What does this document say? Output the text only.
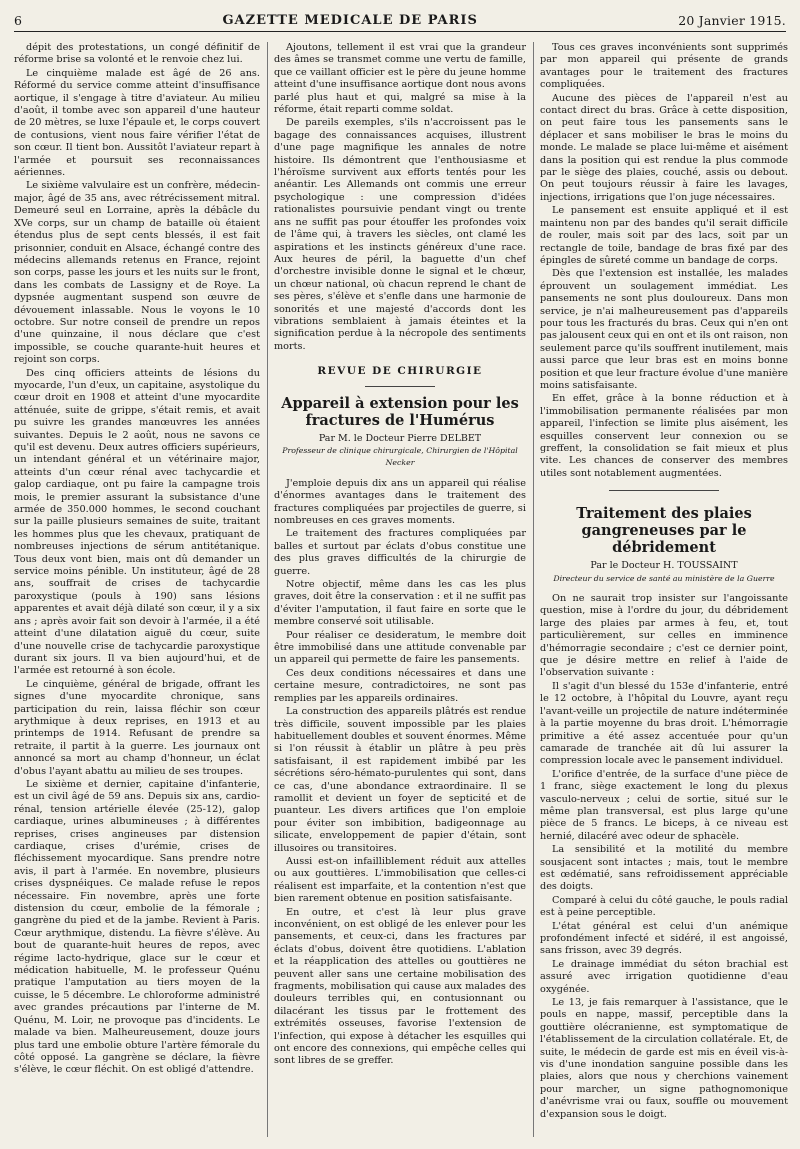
6	GAZETTE MEDICALE DE PARIS	20 Janvier 1915.

dépit des protestations, un congé définitif de réforme brise sa volonté et le renvoie chez lui.

Le cinquième malade est âgé de 26 ans. Réformé du service comme atteint d'insuffisance aortique, il s'engage à titre d'aviateur. Au milieu d'août, il tombe avec son appareil d'une hauteur de 20 mètres, se luxe l'épaule et, le corps couvert de contusions, vient nous faire vérifier l'état de son cœur. Il tient bon. Aussitôt l'aviateur repart à l'armée et poursuit ses reconnaissances aériennes.

Le sixième valvulaire est un confrère, médecin-major, âgé de 35 ans, avec rétrécissement mitral. Demeuré seul en Lorraine, après la débâcle du XVe corps, sur un champ de bataille où étaient étendus plus de sept cents blessés, il est fait prisonnier, conduit en Alsace, échangé contre des médecins allemands retenus en France, rejoint son corps, passe les jours et les nuits sur le front, dans les combats de Lassigny et de Roye. La dypsnée augmentant suspend son œuvre de dévouement inlassable. Nous le voyons le 10 octobre. Sur notre conseil de prendre un repos d'une quinzaine, il nous déclare que c'est impossible, se couche quarante-huit heures et rejoint son corps.

Des cinq officiers atteints de lésions du myocarde, l'un d'eux, un capitaine, asystolique du cœur droit en 1908 et atteint d'une myocardite atténuée, suite de grippe, s'était remis, et avait pu suivre les grandes manœuvres les années suivantes. Depuis le 2 août, nous ne savons ce qu'il est devenu. Deux autres officiers supérieurs, un intendant général et un vétérinaire major, atteints d'un cœur rénal avec tachycardie et galop cardiaque, ont pu faire la campagne trois mois, le premier assurant la subsistance d'une armée de 350.000 hommes, le second couchant sur la paille plusieurs semaines de suite, traitant les hommes plus que les chevaux, pratiquant de nombreuses injections de sérum antitétanique. Tous deux vont bien, mais ont dû demander un service moins pénible. Un instituteur, âgé de 28 ans, souffrait de crises de tachycardie paroxystique (pouls à 190) sans lésions apparentes et avait déjà dilaté son cœur, il y a six ans ; après avoir fait son devoir à l'armée, il a été atteint d'une dilatation aiguë du cœur, suite d'une nouvelle crise de tachycardie paroxystique durant six jours. Il va bien aujourd'hui, et de l'armée est retourné à son école.

Le cinquième, général de brigade, offrant les signes d'une myocardite chronique, sans participation du rein, laissa fléchir son cœur arythmique à deux reprises, en 1913 et au printemps de 1914. Refusant de prendre sa retraite, il partit à la guerre. Les journaux ont annoncé sa mort au champ d'honneur, un éclat d'obus l'ayant abattu au milieu de ses troupes.

Le sixième et dernier, capitaine d'infanterie, est un civil âgé de 59 ans. Depuis six ans, cardio-rénal, tension artérielle élevée (25-12), galop cardiaque, urines albumineuses ; à différentes reprises, crises angineuses par distension cardiaque, crises d'urémie, crises de fléchissement myocardique. Sans prendre notre avis, il part à l'armée. En novembre, plusieurs crises dyspnéiques. Ce malade refuse le repos nécessaire. Fin novembre, après une forte distension du cœur, embolie de la fémorale ; gangrène du pied et de la jambe. Revient à Paris. Cœur arythmique, distendu. La fièvre s'élève. Au bout de quarante-huit heures de repos, avec régime lacto-hydrique, glace sur le cœur et médication habituelle, M. le professeur Quénu pratique l'amputation au tiers moyen de la cuisse, le 5 décembre. Le chloroforme administré avec grandes précautions par l'interne de M. Quénu, M. Loir, ne provoque pas d'incidents. Le malade va bien. Malheureusement, douze jours plus tard une embolie obture l'artère fémorale du côté opposé. La gangrène se déclare, la fièvre s'élève, le cœur fléchit. On est obligé d'attendre.

Ajoutons, tellement il est vrai que la grandeur des âmes se transmet comme une vertu de famille, que ce vaillant officier est le père du jeune homme atteint d'une insuffisance aortique dont nous avons parlé plus haut et qui, malgré sa mise à la réforme, était reparti comme soldat.

De pareils exemples, s'ils n'accroissent pas le bagage des connaissances acquises, illustrent d'une page magnifique les annales de notre histoire. Ils démontrent que l'enthousiasme et l'héroïsme survivent aux efforts tentés pour les anéantir. Les Allemands ont commis une erreur psychologique : une compression d'idées rationalistes poursuivie pendant vingt ou trente ans ne suffit pas pour étouffer les profondes voix de l'âme qui, à travers les siècles, ont clamé les aspirations et les instincts généreux d'une race. Aux heures de péril, la baguette d'un chef d'orchestre invisible donne le signal et le chœur, un chœur national, où chacun reprend le chant de ses pères, s'élève et s'enfle dans une harmonie de sonorités et une majesté d'accords dont les vibrations semblaient à jamais éteintes et la signification perdue à la nécropole des sentiments morts.

REVUE DE CHIRURGIE
Appareil à extension pour les fractures de l'Humérus
Par M. le Docteur Pierre DELBET
Professeur de clinique chirurgicale, Chirurgien de l'Hôpital Necker

J'emploie depuis dix ans un appareil qui réalise d'énormes avantages dans le traitement des fractures compliquées par projectiles de guerre, si nombreuses en ces graves moments.

Le traitement des fractures compliquées par balles et surtout par éclats d'obus constitue une des plus graves difficultés de la chirurgie de guerre.

Notre objectif, même dans les cas les plus graves, doit être la conservation : et il ne suffit pas d'éviter l'amputation, il faut faire en sorte que le membre conservé soit utilisable.

Pour réaliser ce desideratum, le membre doit être immobilisé dans une attitude convenable par un appareil qui permette de faire les pansements.

Ces deux conditions nécessaires et dans une certaine mesure, contradictoires, ne sont pas remplies par les appareils ordinaires.

La construction des appareils plâtrés est rendue très difficile, souvent impossible par les plaies habituellement doubles et souvent énormes. Même si l'on réussit à établir un plâtre à peu près satisfaisant, il est rapidement imbibé par les sécrétions séro-hémato-purulentes qui sont, dans ce cas, d'une abondance extraordinaire. Il se ramollit et devient un foyer de septicité et de puanteur. Les divers artifices que l'on emploie pour éviter son imbibition, badigeonnage au silicate, enveloppement de papier d'étain, sont illusoires ou transitoires.

Aussi est-on infailliblement réduit aux attelles ou aux gouttières. L'immobilisation que celles-ci réalisent est imparfaite, et la contention n'est que bien rarement obtenue en position satisfaisante.

En outre, et c'est là leur plus grave inconvénient, on est obligé de les enlever pour les pansements, et ceux-ci, dans les fractures par éclats d'obus, doivent être quotidiens. L'ablation et la réapplication des attelles ou gouttières ne peuvent aller sans une certaine mobilisation des fragments, mobilisation qui cause aux malades des douleurs terribles qui, en contusionnant ou dilacérant les tissus par le frottement des extrémités osseuses, favorise l'extension de l'infection, qui expose à détacher les esquilles qui ont encore des connexions, qui empêche celles qui sont libres de se greffer.

Tous ces graves inconvénients sont supprimés par mon appareil qui présente de grands avantages pour le traitement des fractures compliquées.

Aucune des pièces de l'appareil n'est au contact direct du bras. Grâce à cette disposition, on peut faire tous les pansements sans le déplacer et sans mobiliser le bras le moins du monde. Le malade se place lui-même et aisément dans la position qui est rendue la plus commode par le siège des plaies, couché, assis ou debout. On peut toujours réussir à faire les lavages, injections, irrigations que l'on juge nécessaires.

Le pansement est ensuite appliqué et il est maintenu non par des bandes qu'il serait difficile de rouler, mais soit par des lacs, soit par un rectangle de toile, bandage de bras fixé par des épingles de sûreté comme un bandage de corps.

Dès que l'extension est installée, les malades éprouvent un soulagement immédiat. Les pansements ne sont plus douloureux. Dans mon service, je n'ai malheureusement pas d'appareils pour tous les fracturés du bras. Ceux qui n'en ont pas jalousent ceux qui en ont et ils ont raison, non seulement parce qu'ils souffrent inutilement, mais aussi parce que leur bras est en moins bonne position et que leur fracture évolue d'une manière moins satisfaisante.

En effet, grâce à la bonne réduction et à l'immobilisation permanente réalisées par mon appareil, l'infection se limite plus aisément, les esquilles conservent leur connexion ou se greffent, la consolidation se fait mieux et plus vite. Les chances de conserver des membres utiles sont notablement augmentées.

Traitement des plaies gangreneuses par le débridement
Par le Docteur H. TOUSSAINT
Directeur du service de santé au ministère de la Guerre

On ne saurait trop insister sur l'angoissante question, mise à l'ordre du jour, du débridement large des plaies par armes à feu, et, tout particulièrement, sur celles en imminence d'hémorragie secondaire ; c'est ce dernier point, que je désire mettre en relief à l'aide de l'observation suivante :

Il s'agit d'un blessé du 153e d'infanterie, entré le 12 octobre, à l'hôpital du Louvre, ayant reçu l'avant-veille un projectile de nature indéterminée à la partie moyenne du bras droit. L'hémorragie primitive a été assez accentuée pour qu'un camarade de tranchée ait dû lui assurer la compression locale avec le pansement individuel.

L'orifice d'entrée, de la surface d'une pièce de 1 franc, siège exactement le long du plexus vasculo-nerveux ; celui de sortie, situé sur le même plan transversal, est plus large qu'une pièce de 5 francs. Le biceps, à ce niveau est hernié, dilacéré avec odeur de sphacèle.

La sensibilité et la motilité du membre sousjacent sont intactes ; mais, tout le membre est œdématié, sans refroidissement appréciable des doigts.

Comparé à celui du côté gauche, le pouls radial est à peine perceptible.

L'état général est celui d'un anémique profondément infecté et sidéré, il est angoissé, sans frisson, avec 39 degrés.

Le drainage immédiat du séton brachial est assuré avec irrigation quotidienne d'eau oxygénée.

Le 13, je fais remarquer à l'assistance, que le pouls en nappe, massif, perceptible dans la gouttière olécranienne, est symptomatique de l'établissement de la circulation collatérale. Et, de suite, le médecin de garde est mis en éveil vis-à-vis d'une inondation sanguine possible dans les plaies, alors que nous y cherchions vainement pour marcher, un signe pathognomonique d'anévrisme vrai ou faux, souffle ou mouvement d'expansion sous le doigt.
